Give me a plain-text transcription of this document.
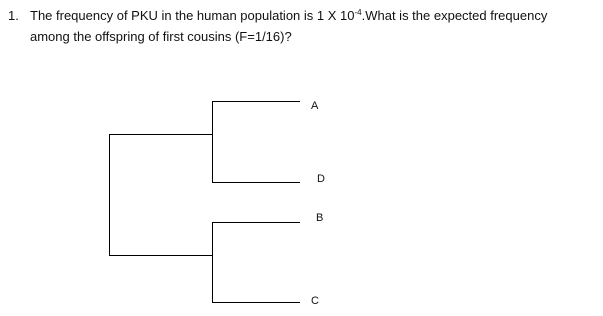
1. The frequency of PKU in the human population is 1 X $10^{-4}.What$ is the expected frequency
among the offspring of first cousins (F=1/16)?
A
D
B
C
